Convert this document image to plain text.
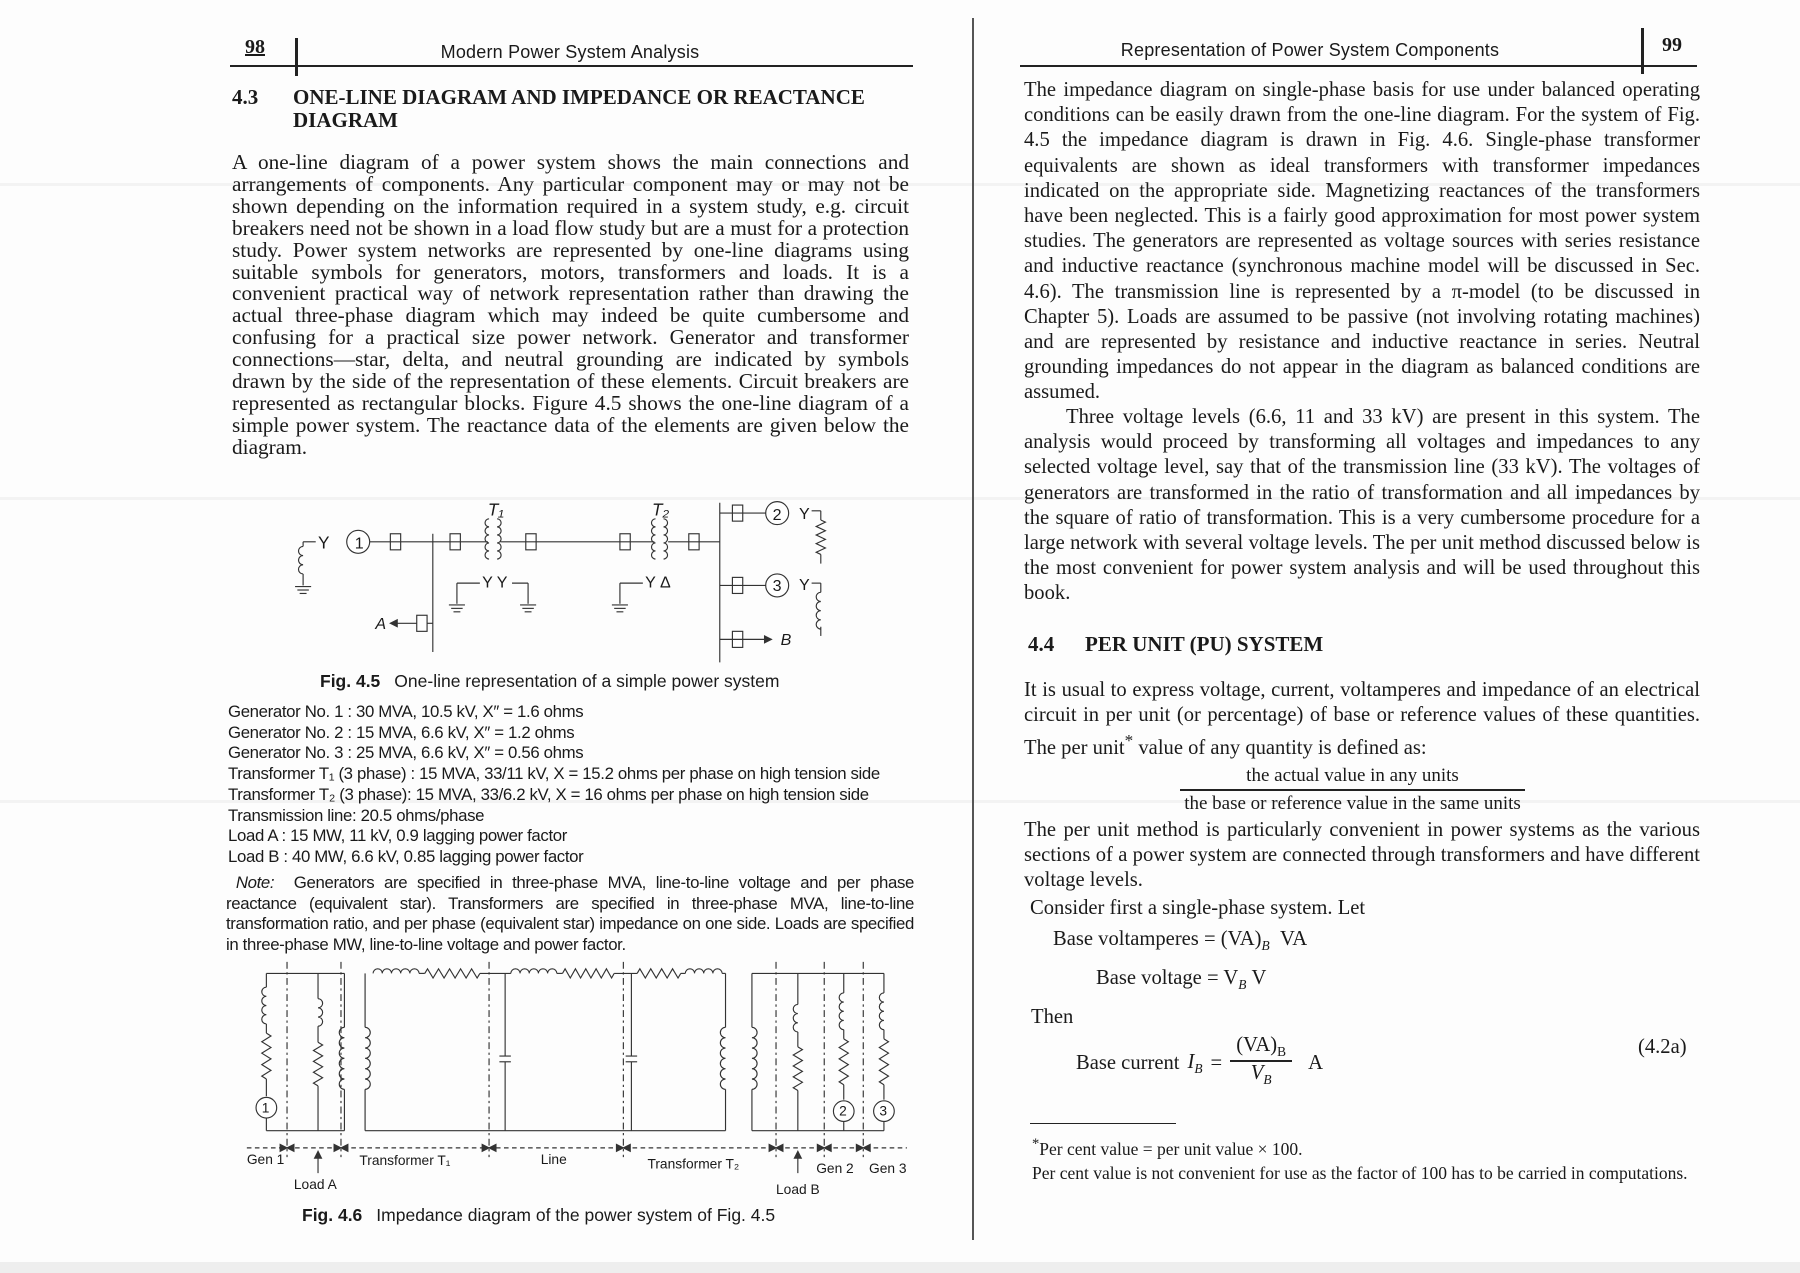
98	Modern Power System Analysis
4.3 ONE-LINE DIAGRAM AND IMPEDANCE OR REACTANCE
DIAGRAM
A one-line diagram of a power system shows the main connections and arrangements of components. Any particular component may or may not be shown depending on the information required in a system study, e.g. circuit breakers need not be shown in a load flow study but are a must for a protection study. Power system networks are represented by one-line diagrams using suitable symbols for generators, motors, transformers and loads. It is a convenient practical way of network representation rather than drawing the actual three-phase diagram which may indeed be quite cumbersome and confusing for a practical size power network. Generator and transformer connections—star, delta, and neutral grounding are indicated by symbols drawn by the side of the representation of these elements. Circuit breakers are represented as rectangular blocks. Figure 4.5 shows the one-line diagram of a simple power system. The reactance data of the elements are given below the diagram.
Fig. 4.5 One-line representation of a simple power system
Generator No. 1 : 30 MVA, 10.5 kV, X″ = 1.6 ohms
Generator No. 2 : 15 MVA, 6.6 kV, X″ = 1.2 ohms
Generator No. 3 : 25 MVA, 6.6 kV, X″ = 0.56 ohms
Transformer T₁ (3 phase) : 15 MVA, 33/11 kV, X = 15.2 ohms per phase on high tension side
Transformer T₂ (3 phase): 15 MVA, 33/6.2 kV, X = 16 ohms per phase on high tension side
Transmission line: 20.5 ohms/phase
Load A : 15 MW, 11 kV, 0.9 lagging power factor
Load B : 40 MW, 6.6 kV, 0.85 lagging power factor
Note: Generators are specified in three-phase MVA, line-to-line voltage and per phase reactance (equivalent star). Transformers are specified in three-phase MVA, line-to-line transformation ratio, and per phase (equivalent star) impedance on one side. Loads are specified in three-phase MW, line-to-line voltage and power factor.
Fig. 4.6 Impedance diagram of the power system of Fig. 4.5
Representation of Power System Components	99
The impedance diagram on single-phase basis for use under balanced operating conditions can be easily drawn from the one-line diagram. For the system of Fig. 4.5 the impedance diagram is drawn in Fig. 4.6. Single-phase transformer equivalents are shown as ideal transformers with transformer impedances indicated on the appropriate side. Magnetizing reactances of the transformers have been neglected. This is a fairly good approximation for most power system studies. The generators are represented as voltage sources with series resistance and inductive reactance (synchronous machine model will be discussed in Sec. 4.6). The transmission line is represented by a π-model (to be discussed in Chapter 5). Loads are assumed to be passive (not involving rotating machines) and are represented by resistance and inductive reactance in series. Neutral grounding impedances do not appear in the diagram as balanced conditions are assumed.
Three voltage levels (6.6, 11 and 33 kV) are present in this system. The analysis would proceed by transforming all voltages and impedances to any selected voltage level, say that of the transmission line (33 kV). The voltages of generators are transformed in the ratio of transformation and all impedances by the square of ratio of transformation. This is a very cumbersome procedure for a large network with several voltage levels. The per unit method discussed below is the most convenient for power system analysis and will be used throughout this book.
4.4 PER UNIT (PU) SYSTEM
It is usual to express voltage, current, voltamperes and impedance of an electrical circuit in per unit (or percentage) of base or reference values of these quantities. The per unit* value of any quantity is defined as:
the actual value in any units
the base or reference value in the same units
The per unit method is particularly convenient in power systems as the various sections of a power system are connected through transformers and have different voltage levels.
Consider first a single-phase system. Let
Base voltamperes = $(VA)_B$ VA
Base voltage = $V_B$ V
Then
Base current $I_B$ =
$(VA)_B$
$V_B$
A
(4.2a)
*Per cent value = per unit value × 100.
Per cent value is not convenient for use as the factor of 100 has to be carried in computations.
T₁	T₂
Y 1
2
3
Y
Y
Y Y	Y Δ
A
B
1	2	3
Gen 1
Load A
Transformer T₁	Line	Transformer T₂	Gen 2 Gen 3
Load B
